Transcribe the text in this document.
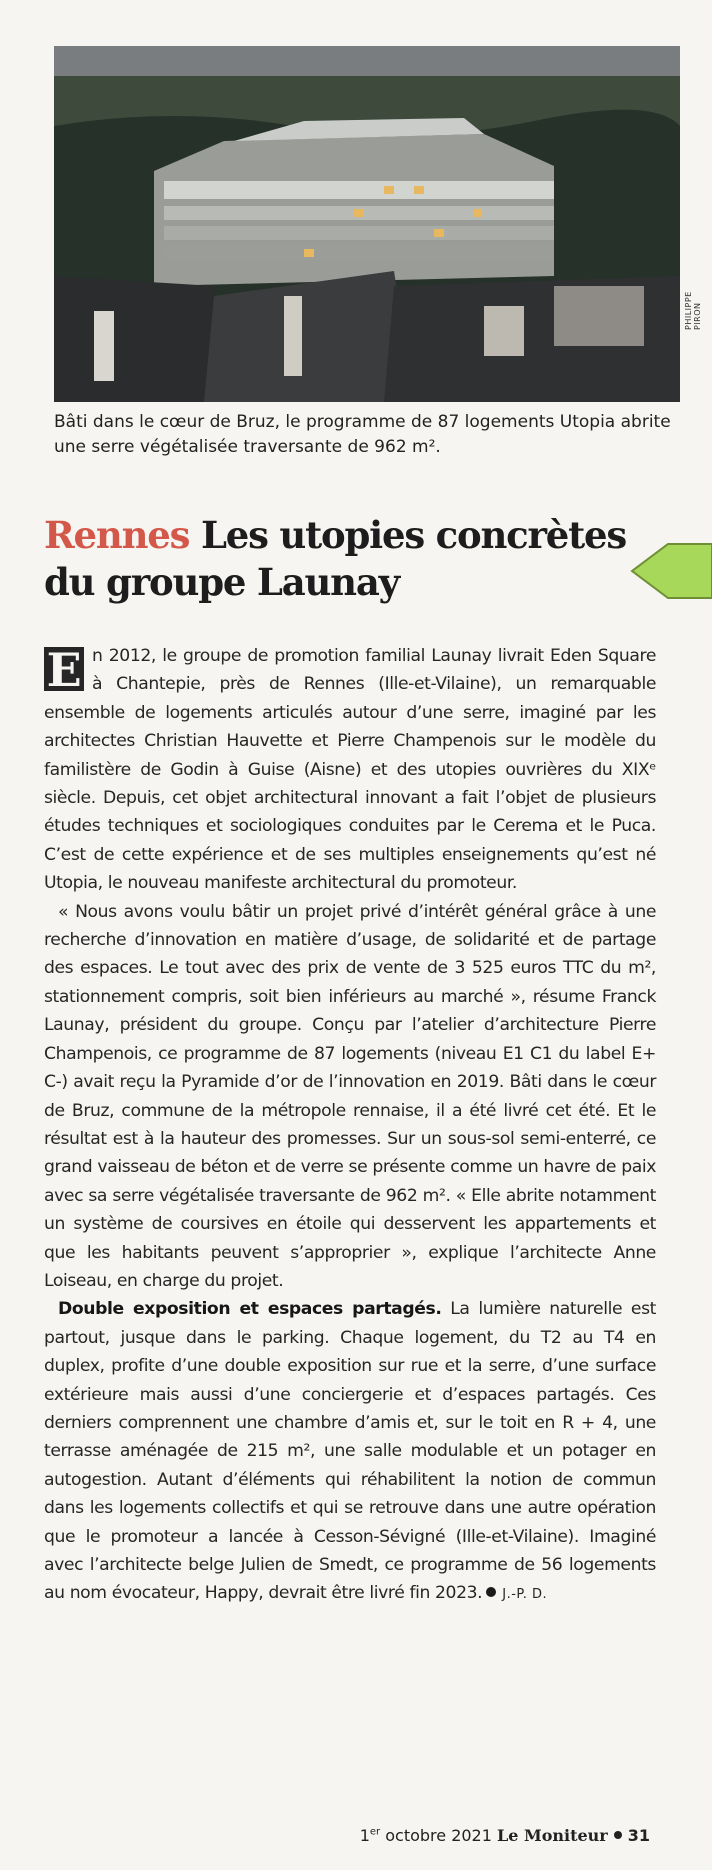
PHILIPPE PIRON
Bâti dans le cœur de Bruz, le programme de 87 logements Utopia abrite une serre végétalisée traversante de 962 m².
Rennes Les utopies concrètes du groupe Launay

E n 2012, le groupe de promotion familial Launay livrait Eden Square à Chantepie, près de Rennes (Ille-et-Vilaine), un remarquable ensemble de logements articulés autour d’une serre, imaginé par les architectes Christian Hauvette et Pierre Champenois sur le modèle du familistère de Godin à Guise (Aisne) et des utopies ouvrières du XIXᵉ siècle. Depuis, cet objet architectural innovant a fait l’objet de plusieurs études techniques et sociologiques conduites par le Cerema et le Puca. C’est de cette expérience et de ses multiples enseignements qu’est né Utopia, le nouveau manifeste architectural du promoteur.

« Nous avons voulu bâtir un projet privé d’intérêt général grâce à une recherche d’innovation en matière d’usage, de solidarité et de partage des espaces. Le tout avec des prix de vente de 3 525 euros TTC du m², stationnement compris, soit bien inférieurs au marché », résume Franck Launay, président du groupe. Conçu par l’atelier d’architecture Pierre Champenois, ce programme de 87 logements (niveau E1 C1 du label E+ C-) avait reçu la Pyramide d’or de l’innovation en 2019. Bâti dans le cœur de Bruz, commune de la métropole rennaise, il a été livré cet été. Et le résultat est à la hauteur des promesses. Sur un sous-sol semi-enterré, ce grand vaisseau de béton et de verre se présente comme un havre de paix avec sa serre végétalisée traversante de 962 m². « Elle abrite notamment un système de coursives en étoile qui desservent les appartements et que les habitants peuvent s’approprier », explique l’architecte Anne Loiseau, en charge du projet.

Double exposition et espaces partagés. La lumière naturelle est partout, jusque dans le parking. Chaque logement, du T2 au T4 en duplex, profite d’une double exposition sur rue et la serre, d’une surface extérieure mais aussi d’une conciergerie et d’espaces partagés. Ces derniers comprennent une chambre d’amis et, sur le toit en R + 4, une terrasse aménagée de 215 m², une salle modulable et un potager en autogestion. Autant d’éléments qui réhabilitent la notion de commun dans les logements collectifs et qui se retrouve dans une autre opération que le promoteur a lancée à Cesson-Sévigné (Ille-et-Vilaine). Imaginé avec l’architecte belge Julien de Smedt, ce programme de 56 logements au nom évocateur, Happy, devrait être livré fin 2023. J.-P. D.

1er octobre 2021 Le Moniteur 31
